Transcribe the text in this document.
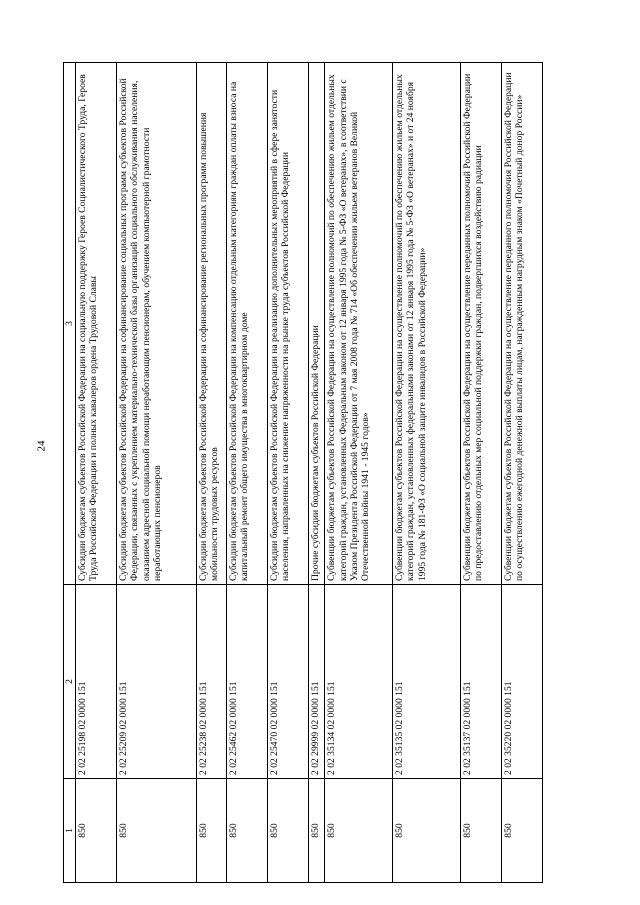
24
1	2	3
850	2 02 25198 02 0000 151	Субсидии бюджетам субъектов Российской Федерации на социальную поддержку Героев Социалистического Труда, Героев Труда Российской Федерации и полных кавалеров ордена Трудовой Славы
850	2 02 25209 02 0000 151	Субсидии бюджетам субъектов Российской Федерации на софинансирование социальных программ субъектов Российской Федерации, связанных с укреплением материально-технической базы организаций социального обслуживания населения, оказанием адресной социальной помощи неработающим пенсионерам, обучением компьютерной грамотности неработающих пенсионеров
850	2 02 25238 02 0000 151	Субсидии бюджетам субъектов Российской Федерации на софинансирование региональных программ повышения мобильности трудовых ресурсов
850	2 02 25462 02 0000 151	Субсидии бюджетам субъектов Российской Федерации на компенсацию отдельным категориям граждан оплаты взноса на капитальный ремонт общего имущества в многоквартирном доме
850	2 02 25470 02 0000 151	Субсидии бюджетам субъектов Российской Федерации на реализацию дополнительных мероприятий в сфере занятости населения, направленных на снижение напряженности на рынке труда субъектов Российской Федерации
850	2 02 29999 02 0000 151	Прочие субсидии бюджетам субъектов Российской Федерации
850	2 02 35134 02 0000 151	Субвенции бюджетам субъектов Российской Федерации на осуществление полномочий по обеспечению жильем отдельных категорий граждан, установленных Федеральным законом от 12 января 1995 года № 5-ФЗ «О ветеранах», в соответствии с Указом Президента Российской Федерации от 7 мая 2008 года № 714 «Об обеспечении жильем ветеранов Великой Отечественной войны 1941 - 1945 годов»
850	2 02 35135 02 0000 151	Субвенции бюджетам субъектов Российской Федерации на осуществление полномочий по обеспечению жильем отдельных категорий граждан, установленных федеральными законами от 12 января 1995 года № 5-ФЗ «О ветеранах» и от 24 ноября 1995 года № 181-ФЗ «О социальной защите инвалидов в Российской Федерации»
850	2 02 35137 02 0000 151	Субвенции бюджетам субъектов Российской Федерации на осуществление переданных полномочий Российской Федерации по предоставлению отдельных мер социальной поддержки граждан, подвергшихся воздействию радиации
850	2 02 35220 02 0000 151	Субвенции бюджетам субъектов Российской Федерации на осуществление переданного полномочия Российской Федерации по осуществлению ежегодной денежной выплаты лицам, награжденным нагрудным знаком «Почетный донор России»
